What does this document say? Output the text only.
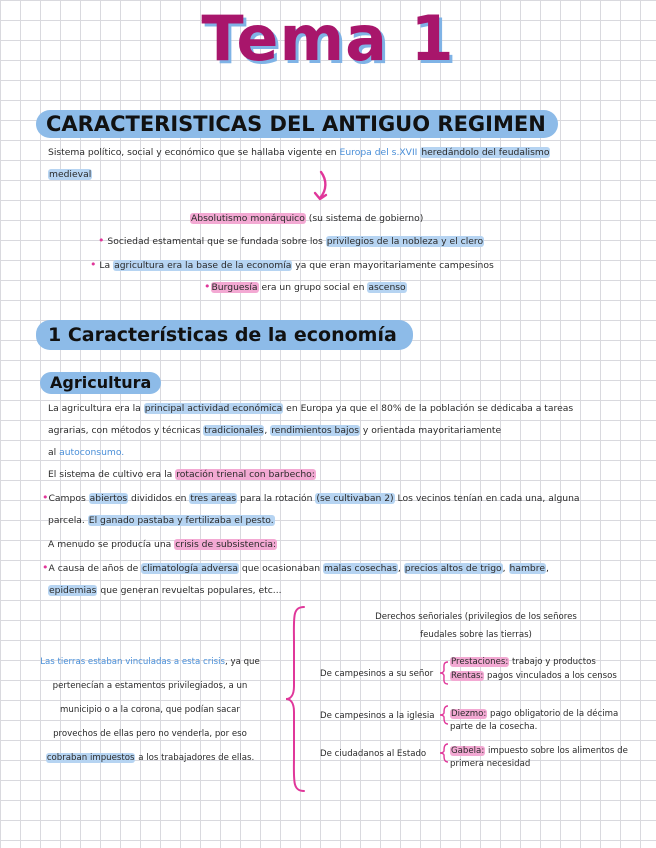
Tema 1
CARACTERISTICAS DEL ANTIGUO REGIMEN
Sistema político, social y económico que se hallaba vigente en Europa del s.XVII heredándolo del feudalismo
medieval
Absolutismo monárquico (su sistema de gobierno)
• Sociedad estamental que se fundada sobre los privilegios de la nobleza y el clero
• La agricultura era la base de la economía ya que eran mayoritariamente campesinos
•Burguesía era un grupo social en ascenso
1 Características de la economía
Agricultura
La agricultura era la principal actividad económica en Europa ya que el 80% de la población se dedicaba a tareas
agrarias, con métodos y técnicas tradicionales, rendimientos bajos y orientada mayoritariamente
al autoconsumo.
El sistema de cultivo era la rotación trienal con barbecho:
•Campos abiertos divididos en tres areas para la rotación (se cultivaban 2) Los vecinos tenían en cada una, alguna
parcela. El ganado pastaba y fertilizaba el pesto.
A menudo se producía una crisis de subsistencia:
•A causa de años de climatología adversa que ocasionaban malas cosechas, precios altos de trigo, hambre,
epidemias que generan revueltas populares, etc...
Las tierras estaban vinculadas a esta crisis, ya que
pertenecían a estamentos privilegiados, a un
municipio o a la corona, que podían sacar
provechos de ellas pero no venderla, por eso
cobraban impuestos a los trabajadores de ellas.
Derechos señoriales (privilegios de los señores
feudales sobre las tierras)
De campesinos a su señor
Prestaciones: trabajo y productos
Rentas: pagos vinculados a los censos
De campesinos a la iglesia Diezmo: pago obligatorio de la décima
parte de la cosecha.
De ciudadanos al Estado	Gabela: impuesto sobre los alimentos de
primera necesidad
